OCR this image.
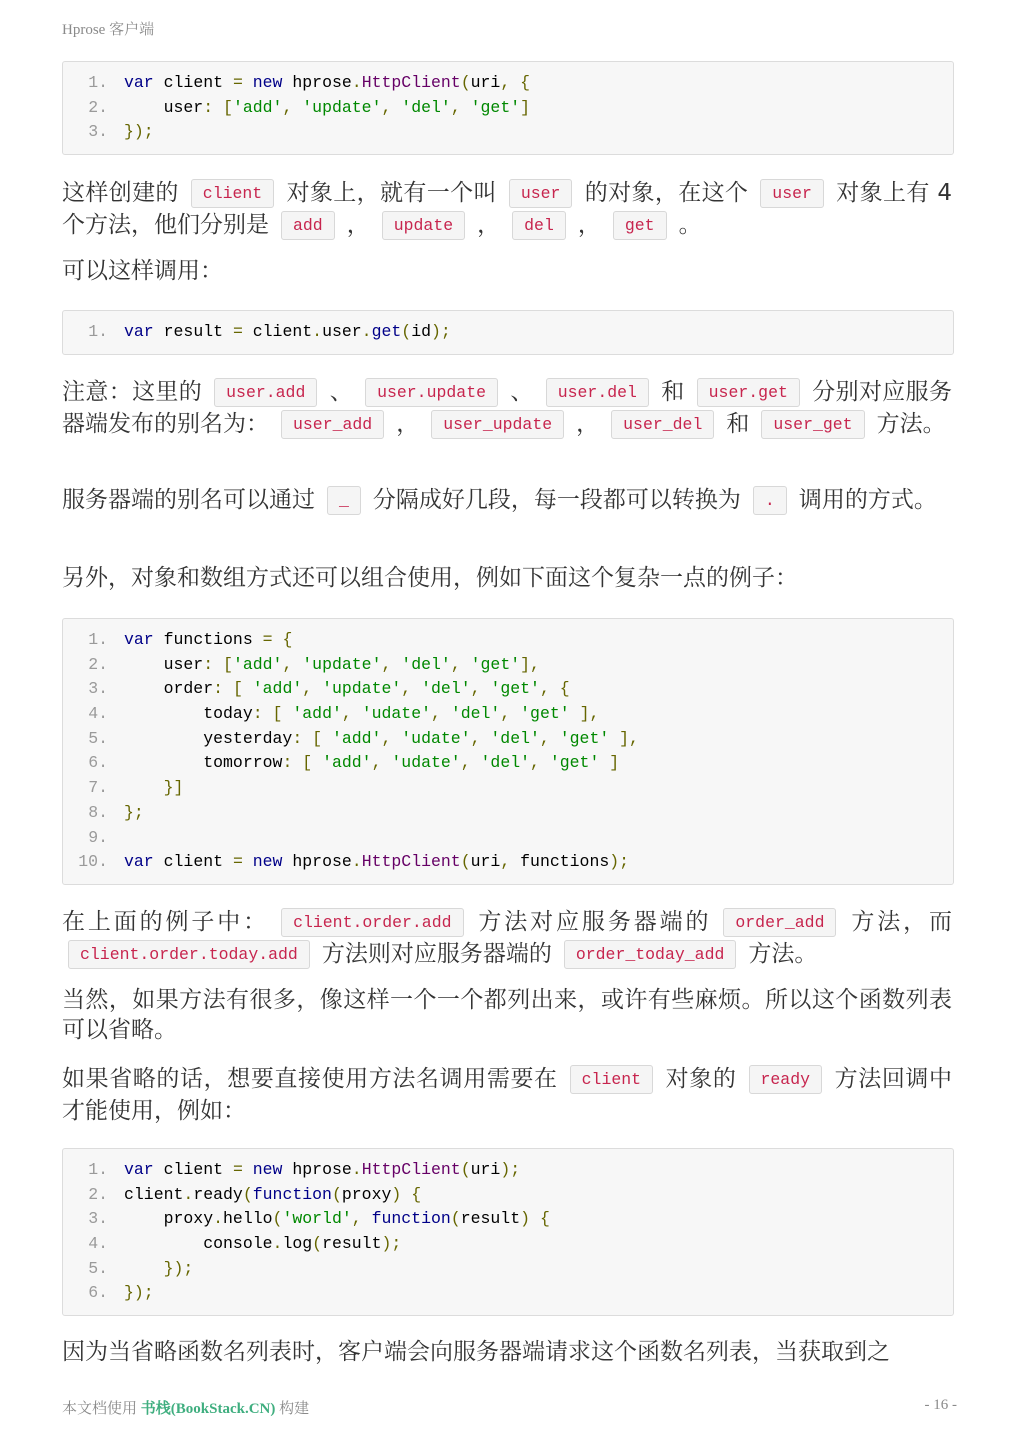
Hprose 客户端
1. var client = new hprose.HttpClient(uri, {
2.    user: ['add', 'update', 'del', 'get']
3. });
这样创建的 client 对象上，就有一个叫 user 的对象，在这个 user 对象上有 4 个方法，他们分别是 add ， update ， del ， get 。
可以这样调用：
1. var result = client.user.get(id);
注意：这里的 user.add 、 user.update 、 user.del 和 user.get 分别对应服务器端发布的别名为： user_add ， user_update ， user_del 和 user_get 方法。
服务器端的别名可以通过 _ 分隔成好几段，每一段都可以转换为 . 调用的方式。
另外，对象和数组方式还可以组合使用，例如下面这个复杂一点的例子：
1. var functions = {
2.    user: ['add', 'update', 'del', 'get'],
3.    order: [ 'add', 'update', 'del', 'get', {
4.        today: [ 'add', 'udate', 'del', 'get' ],
5.        yesterday: [ 'add', 'udate', 'del', 'get' ],
6.        tomorrow: [ 'add', 'udate', 'del', 'get' ]
7.	}]
8. };
9.
10. var client = new hprose.HttpClient(uri, functions);
在上面的例子中： client.order.add 方法对应服务器端的 order_add 方法，而client.order.today.add 方法则对应服务器端的 order_today_add 方法。
当然，如果方法有很多，像这样一个一个都列出来，或许有些麻烦。所以这个函数列表可以省略。
如果省略的话，想要直接使用方法名调用需要在 client 对象的 ready 方法回调中才能使用，例如：
1. var client = new hprose.HttpClient(uri);
2. client.ready(function(proxy) {
3.    proxy.hello('world', function(result) {
4.        console.log(result);
5.	});
6. });
因为当省略函数名列表时，客户端会向服务器端请求这个函数名列表，当获取到之
本文档使用 书栈(BookStack.CN) 构建	- 16 -
